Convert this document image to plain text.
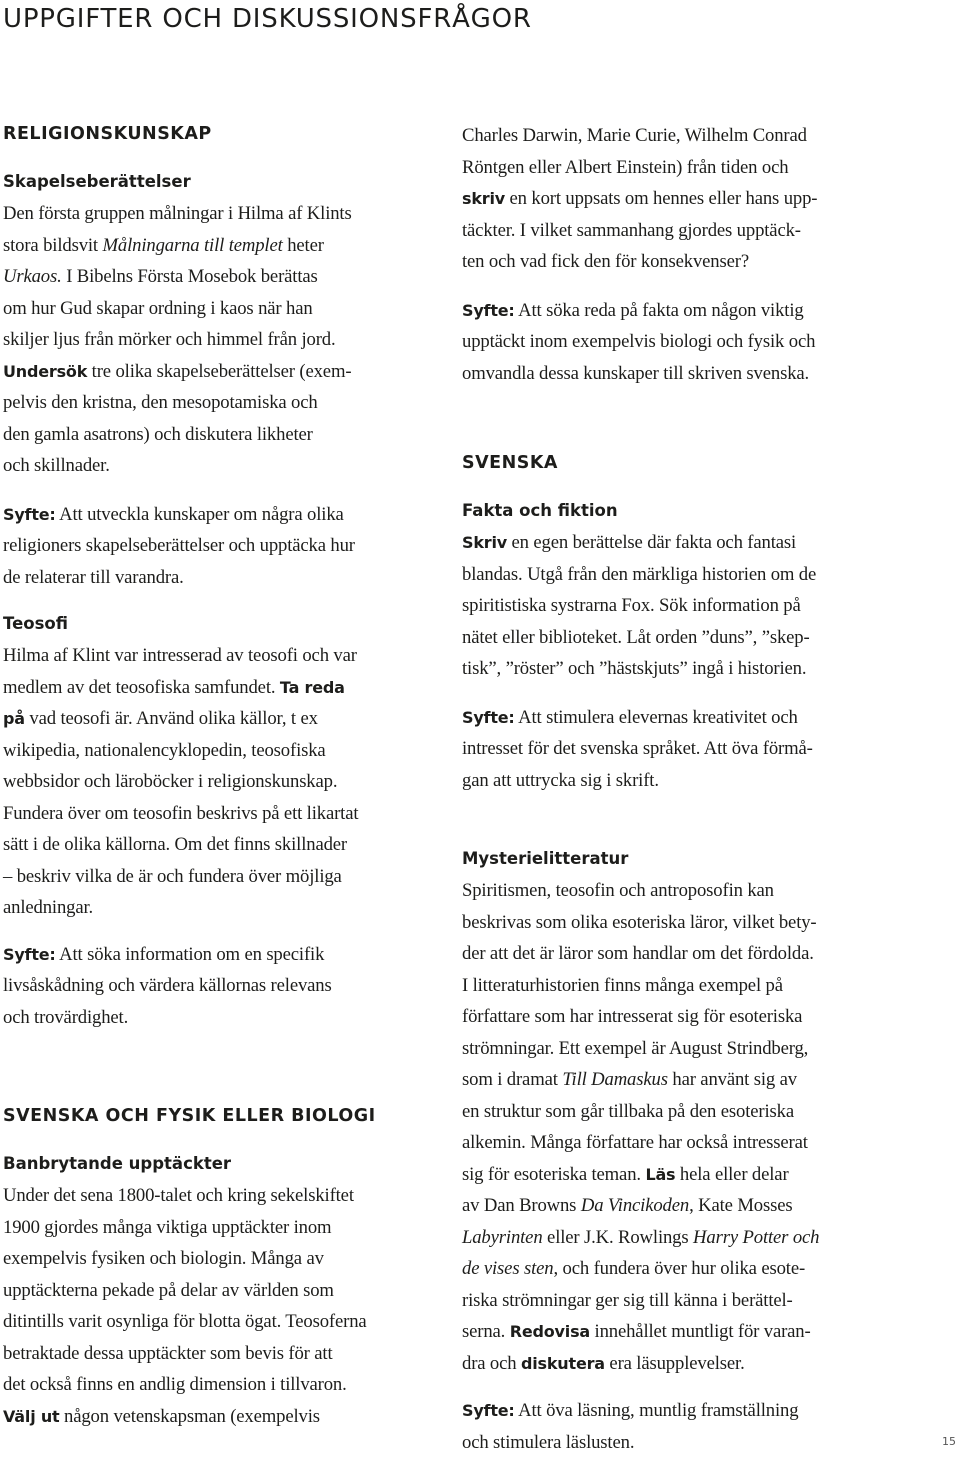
UPPGIFTER OCH DISKUSSIONSFRÅGOR
RELIGIONSKUNSKAP
Skapelseberättelser

Den första gruppen målningar i Hilma af Klints

stora bildsvit Målningarna till templet heter

Urkaos. I Bibelns Första Mosebok berättas

om hur Gud skapar ordning i kaos när han

skiljer ljus från mörker och himmel från jord.

Undersök tre olika skapelseberättelser (exem-

pelvis den kristna, den mesopotamiska och

den gamla asatrons) och diskutera likheter

och skillnader.

Syfte: Att utveckla kunskaper om några olika

religioners skapelseberättelser och upptäcka hur

de relaterar till varandra.

Teosofi

Hilma af Klint var intresserad av teosofi och var

medlem av det teosofiska samfundet. Ta reda

på vad teosofi är. Använd olika källor, t ex

wikipedia, nationalencyklopedin, teosofiska

webbsidor och läroböcker i religionskunskap.

Fundera över om teosofin beskrivs på ett likartat

sätt i de olika källorna. Om det finns skillnader

– beskriv vilka de är och fundera över möjliga

anledningar.

Syfte: Att söka information om en specifik

livsåskådning och värdera källornas relevans

och trovärdighet.

SVENSKA OCH FYSIK ELLER BIOLOGI
Banbrytande upptäckter

Under det sena 1800-talet och kring sekelskiftet

1900 gjordes många viktiga upptäckter inom

exempelvis fysiken och biologin. Många av

upptäckterna pekade på delar av världen som

ditintills varit osynliga för blotta ögat. Teosoferna

betraktade dessa upptäckter som bevis för att

det också finns en andlig dimension i tillvaron.

Välj ut någon vetenskapsman (exempelvis

Charles Darwin, Marie Curie, Wilhelm Conrad

Röntgen eller Albert Einstein) från tiden och

skriv en kort uppsats om hennes eller hans upp-

täckter. I vilket sammanhang gjordes upptäck-

ten och vad fick den för konsekvenser?

Syfte: Att söka reda på fakta om någon viktig

upptäckt inom exempelvis biologi och fysik och

omvandla dessa kunskaper till skriven svenska.

SVENSKA
Fakta och fiktion

Skriv en egen berättelse där fakta och fantasi

blandas. Utgå från den märkliga historien om de

spiritistiska systrarna Fox. Sök information på

nätet eller biblioteket. Låt orden ”duns”, ”skep-

tisk”, ”röster” och ”hästskjuts” ingå i historien.

Syfte: Att stimulera elevernas kreativitet och

intresset för det svenska språket. Att öva förmå-

gan att uttrycka sig i skrift.

Mysterielitteratur

Spiritismen, teosofin och antroposofin kan

beskrivas som olika esoteriska läror, vilket bety-

der att det är läror som handlar om det fördolda.

I litteraturhistorien finns många exempel på

författare som har intresserat sig för esoteriska

strömningar. Ett exempel är August Strindberg,

som i dramat Till Damaskus har använt sig av

en struktur som går tillbaka på den esoteriska

alkemin. Många författare har också intresserat

sig för esoteriska teman. Läs hela eller delar

av Dan Browns Da Vincikoden, Kate Mosses

Labyrinten eller J.K. Rowlings Harry Potter och

de vises sten, och fundera över hur olika esote-

riska strömningar ger sig till känna i berättel-

serna. Redovisa innehållet muntligt för varan-

dra och diskutera era läsupplevelser.

Syfte: Att öva läsning, muntlig framställning

och stimulera läslusten.	15
